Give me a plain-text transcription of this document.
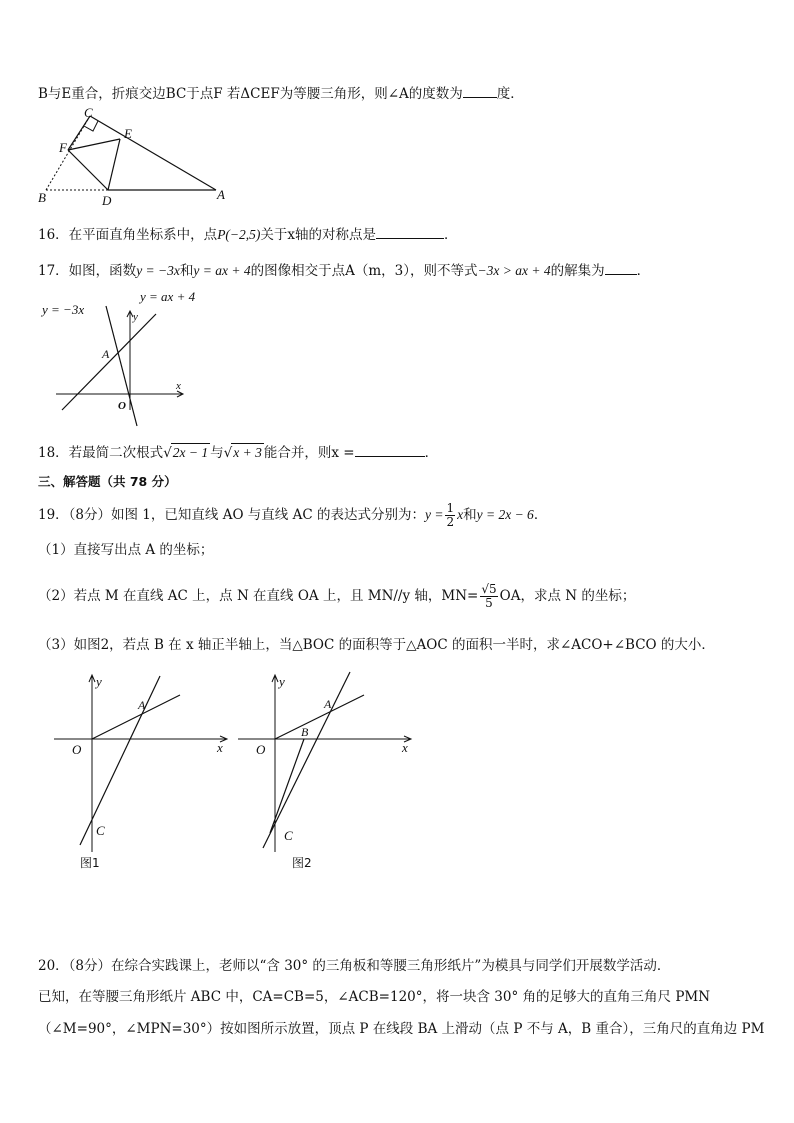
B与E重合，折痕交边BC于点F 若ΔCEF为等腰三角形，则∠A的度数为	度．
C
E
F
B	D	A
16．在平面直角坐标系中，点P(−2,5)关于x轴的对称点是	．
17．如图，函数y = −3x和y = ax + 4的图像相交于点A（m，3），则不等式−3x > ax + 4的解集为 ．
y = ax + 4
y = −3x	y
x
A
O
18．若最简二次根式√2x − 1 与√x + 3 能合并，则x =	．
三、解答题（共 78 分）
19．（8分）如图 1，已知直线 AO 与直线 AC 的表达式分别为：$y = \frac{1}{2}$ x和y = 2x − 6．
（1）直接写出点 A 的坐标；
（2）若点 M 在直线 AC 上，点 N 在直线 OA 上，且 MN//y 轴，$MN= \frac{√5}{5}$ OA，求点 N 的坐标；
（3）如图2，若点 B 在 x 轴正半轴上，当△BOC 的面积等于△AOC 的面积一半时，求∠ACO+∠BCO 的大小．
x
y
A
O
C
图1
x
y
A
B
O
C
图2
20．（8分）在综合实践课上，老师以“含 30° 的三角板和等腰三角形纸片”为模具与同学们开展数学活动．
已知，在等腰三角形纸片 ABC 中，CA=CB=5，∠ACB=120°，将一块含 30° 角的足够大的直角三角尺 PMN
（∠M=90°，∠MPN=30°）按如图所示放置，顶点 P 在线段 BA 上滑动（点 P 不与 A，B 重合），三角尺的直角边 PM
